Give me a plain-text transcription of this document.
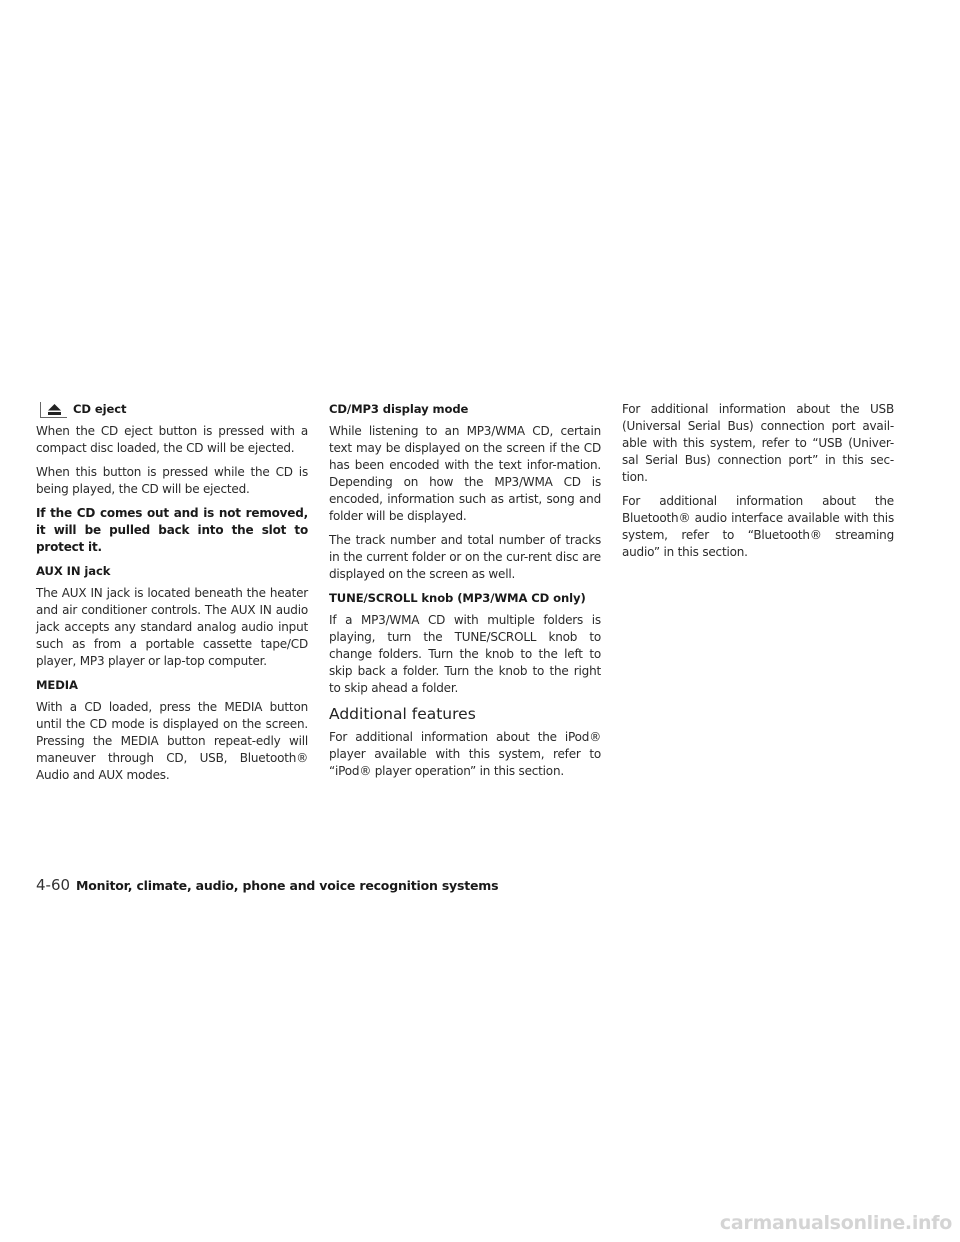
CD eject

When the CD eject button is pressed with a compact disc loaded, the CD will be ejected.

When this button is pressed while the CD is being played, the CD will be ejected.

If the CD comes out and is not removed, it will be pulled back into the slot to protect it.

AUX IN jack

The AUX IN jack is located beneath the heater and air conditioner controls. The AUX IN audio jack accepts any standard analog audio input such as from a portable cassette tape/CD player, MP3 player or lap-top computer.

MEDIA

With a CD loaded, press the MEDIA button until the CD mode is displayed on the screen. Pressing the MEDIA button repeat-edly will maneuver through CD, USB, Bluetooth® Audio and AUX modes.

CD/MP3 display mode

While listening to an MP3/WMA CD, certain text may be displayed on the screen if the CD has been encoded with the text infor-mation. Depending on how the MP3/WMA CD is encoded, information such as artist, song and folder will be displayed.

The track number and total number of tracks in the current folder or on the cur-rent disc are displayed on the screen as well.

TUNE/SCROLL knob (MP3/WMA CD only)

If a MP3/WMA CD with multiple folders is playing, turn the TUNE/SCROLL knob to change folders. Turn the knob to the left to skip back a folder. Turn the knob to the right to skip ahead a folder.

Additional features

For additional information about the iPod® player available with this system, refer to “iPod® player operation” in this section.

For additional information about the USB (Universal Serial Bus) connection port avail-able with this system, refer to “USB (Univer-sal Serial Bus) connection port” in this sec-tion.

For additional information about the Bluetooth® audio interface available with this system, refer to “Bluetooth® streaming audio” in this section.

4-60 Monitor, climate, audio, phone and voice recognition systems
carmanualsonline.info
